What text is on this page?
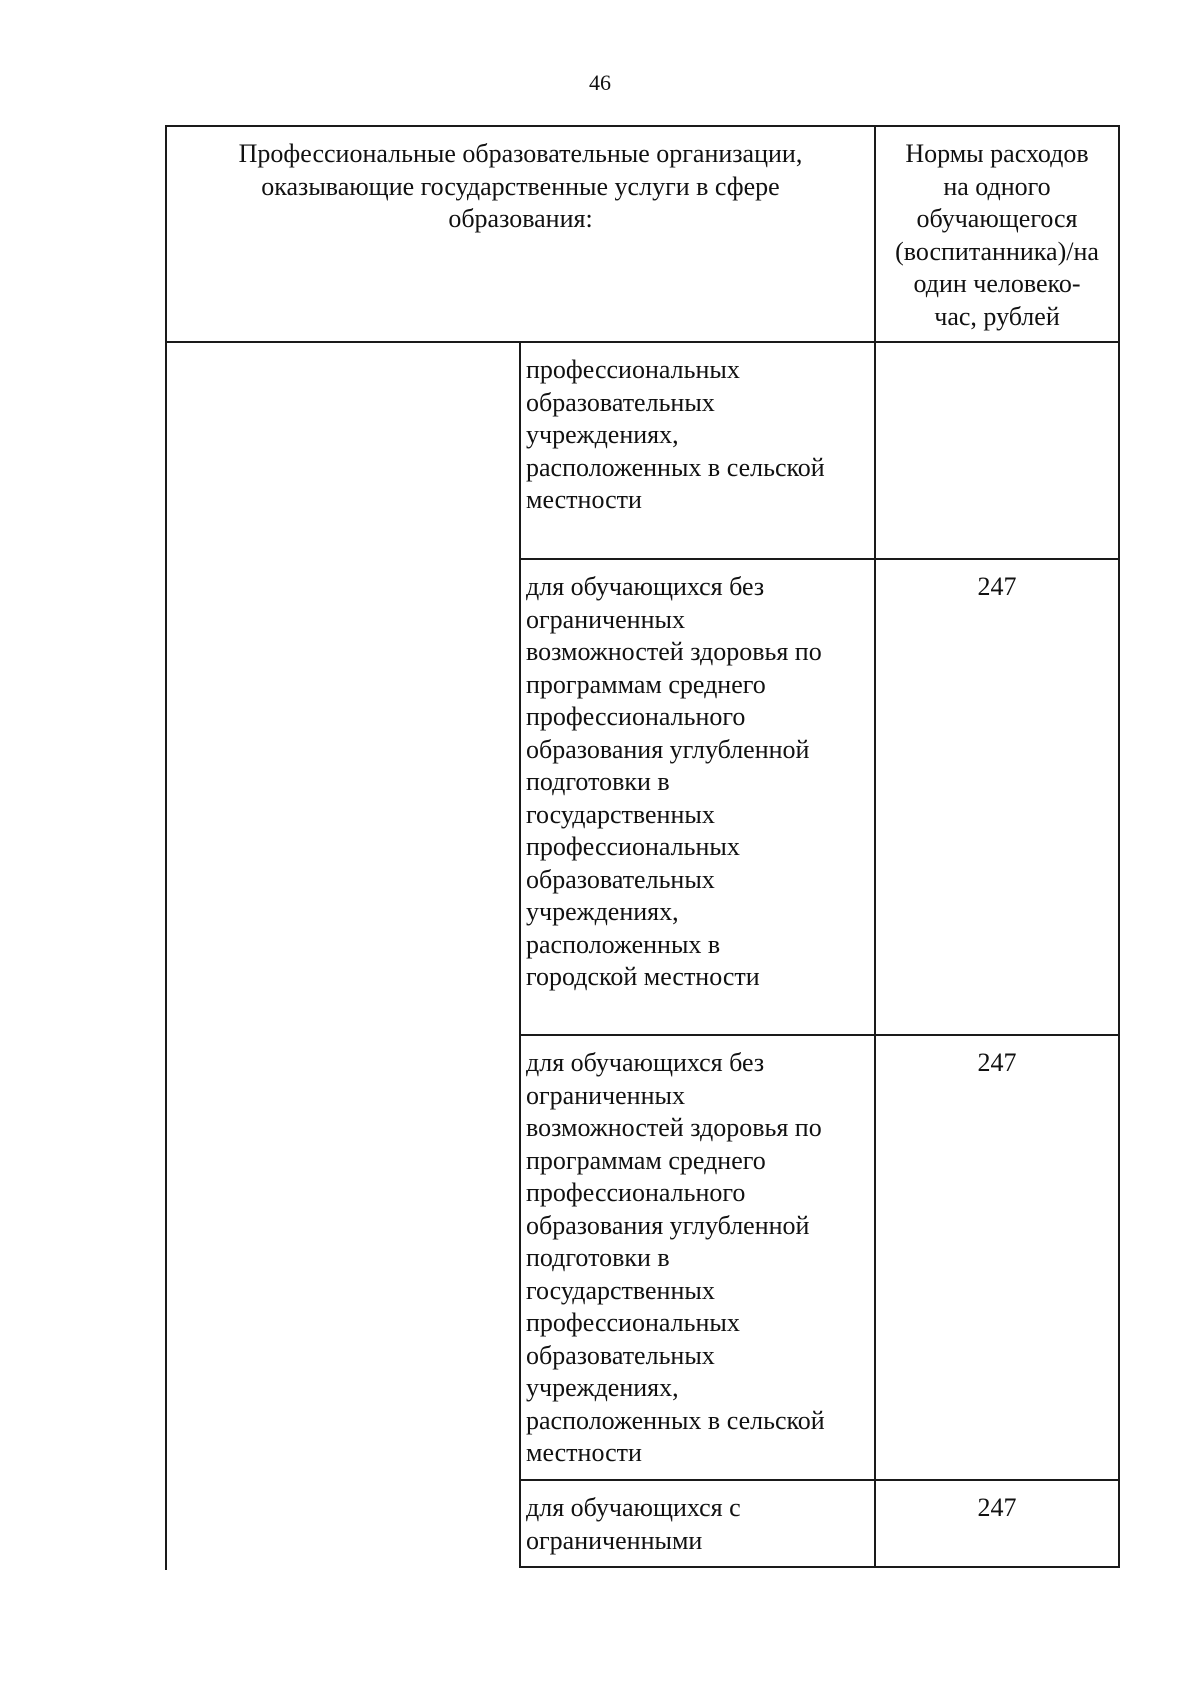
46
Профессиональные образовательные организации,
оказывающие государственные услуги в сфере
образования:
Нормы расходов
на одного
обучающегося
(воспитанника)/на
один человеко-
час, рублей
профессиональных
образовательных
учреждениях,
расположенных в сельской
местности
для обучающихся без
ограниченных
возможностей здоровья по
программам среднего
профессионального
образования углубленной
подготовки в
государственных
профессиональных
образовательных
учреждениях,
расположенных в
городской местности
247
для обучающихся без
ограниченных
возможностей здоровья по
программам среднего
профессионального
образования углубленной
подготовки в
государственных
профессиональных
образовательных
учреждениях,
расположенных в сельской
местности
247
для обучающихся с
ограниченными
247
